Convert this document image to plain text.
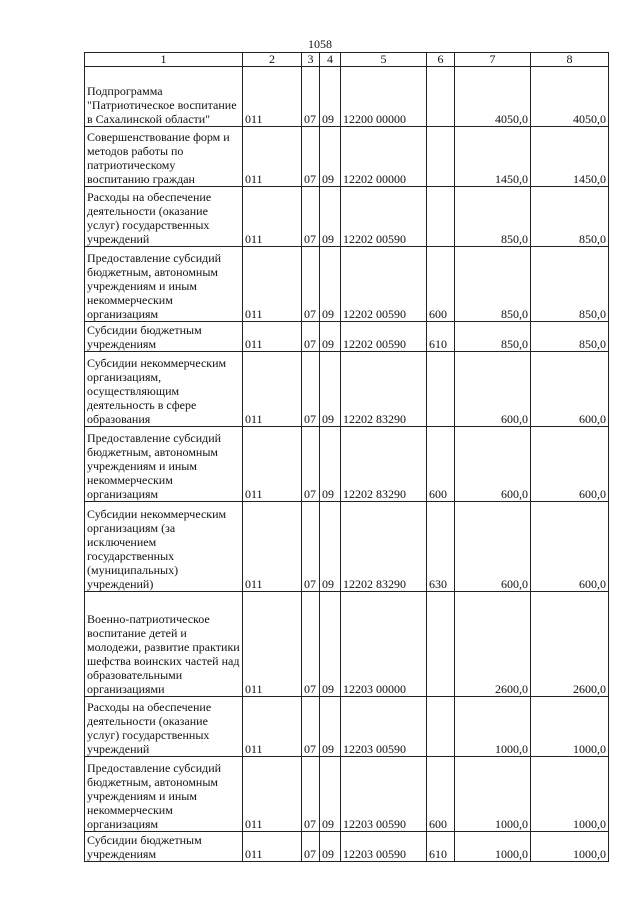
1058
1	2	3	4	5	6	7	8
Подпрограмма "Патриотическое воспитание в Сахалинской области"	011	07	09	12200 00000		4050,0	4050,0
Совершенствование форм и методов работы по патриотическому воспитанию граждан	011	07	09	12202 00000		1450,0	1450,0
Расходы на обеспечение деятельности (оказание услуг) государственных учреждений	011	07	09	12202 00590		850,0	850,0
Предоставление субсидий бюджетным, автономным учреждениям и иным некоммерческим организациям	011	07	09	12202 00590	600	850,0	850,0
Субсидии бюджетным учреждениям	011	07	09	12202 00590	610	850,0	850,0
Субсидии некоммерческим организациям, осуществляющим деятельность в сфере образования	011	07	09	12202 83290		600,0	600,0
Предоставление субсидий бюджетным, автономным учреждениям и иным некоммерческим организациям	011	07	09	12202 83290	600	600,0	600,0
Субсидии некоммерческим организациям (за исключением государственных (муниципальных) учреждений)	011	07	09	12202 83290	630	600,0	600,0
Военно-патриотическое воспитание детей и молодежи, развитие практики шефства воинских частей над образовательными организациями	011	07	09	12203 00000		2600,0	2600,0
Расходы на обеспечение деятельности (оказание услуг) государственных учреждений	011	07	09	12203 00590		1000,0	1000,0
Предоставление субсидий бюджетным, автономным учреждениям и иным некоммерческим организациям	011	07	09	12203 00590	600	1000,0	1000,0
Субсидии бюджетным учреждениям	011	07	09	12203 00590	610	1000,0	1000,0
